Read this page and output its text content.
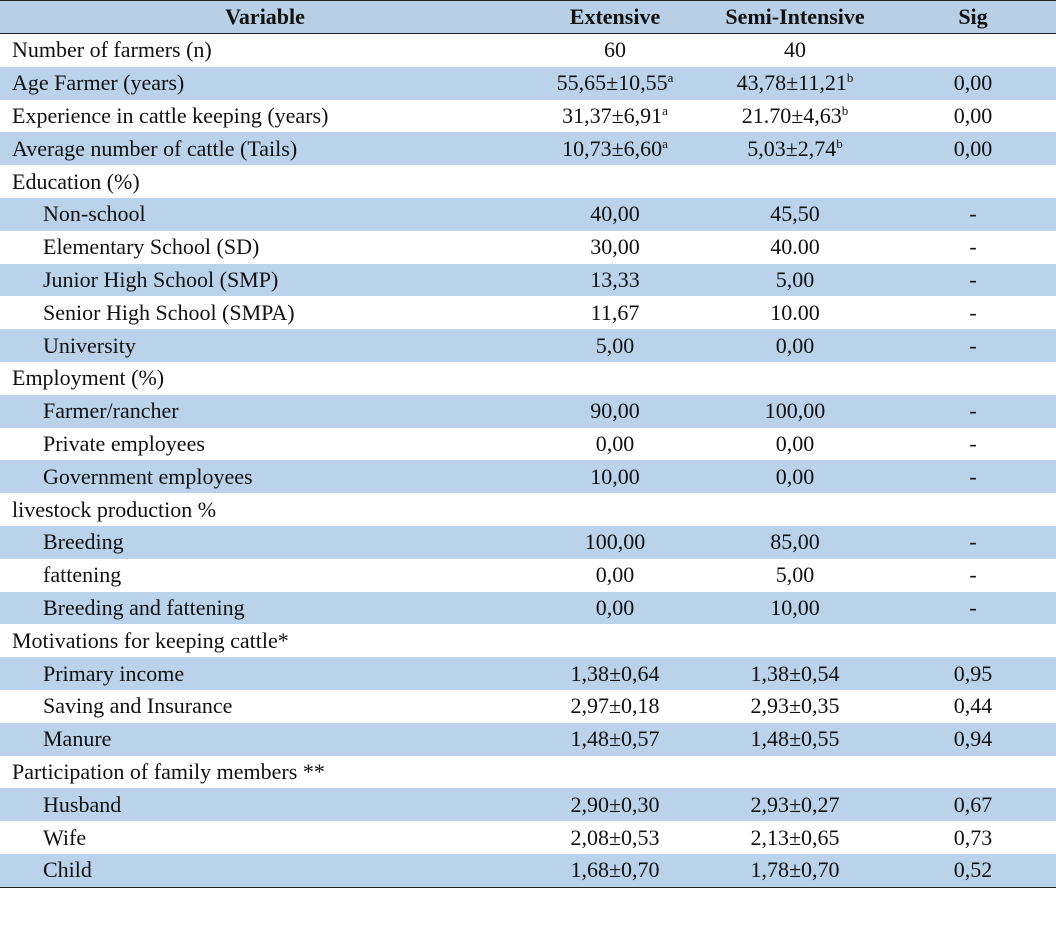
Variable	Extensive	Semi-Intensive	Sig
Number of farmers (n)	60	40	
Age Farmer (years)	55,65±10,55$^a$	43,78±11,21$^b$	0,00
Experience in cattle keeping (years)	31,37±6,91$^a$	21.70±4,63$^b$	0,00
Average number of cattle (Tails)	10,73±6,60$^a$	5,03±2,74$^b$	0,00
Education (%)			
Non-school	40,00	45,50	-
Elementary School (SD)	30,00	40.00	-
Junior High School (SMP)	13,33	5,00	-
Senior High School (SMPA)	11,67	10.00	-
University	5,00	0,00	-
Employment (%)			
Farmer/rancher	90,00	100,00	-
Private employees	0,00	0,00	-
Government employees	10,00	0,00	-
livestock production %			
Breeding	100,00	85,00	-
fattening	0,00	5,00	-
Breeding and fattening	0,00	10,00	-
Motivations for keeping cattle*			
Primary income	1,38±0,64	1,38±0,54	0,95
Saving and Insurance	2,97±0,18	2,93±0,35	0,44
Manure	1,48±0,57	1,48±0,55	0,94
Participation of family members **			
Husband	2,90±0,30	2,93±0,27	0,67
Wife	2,08±0,53	2,13±0,65	0,73
Child	1,68±0,70	1,78±0,70	0,52
